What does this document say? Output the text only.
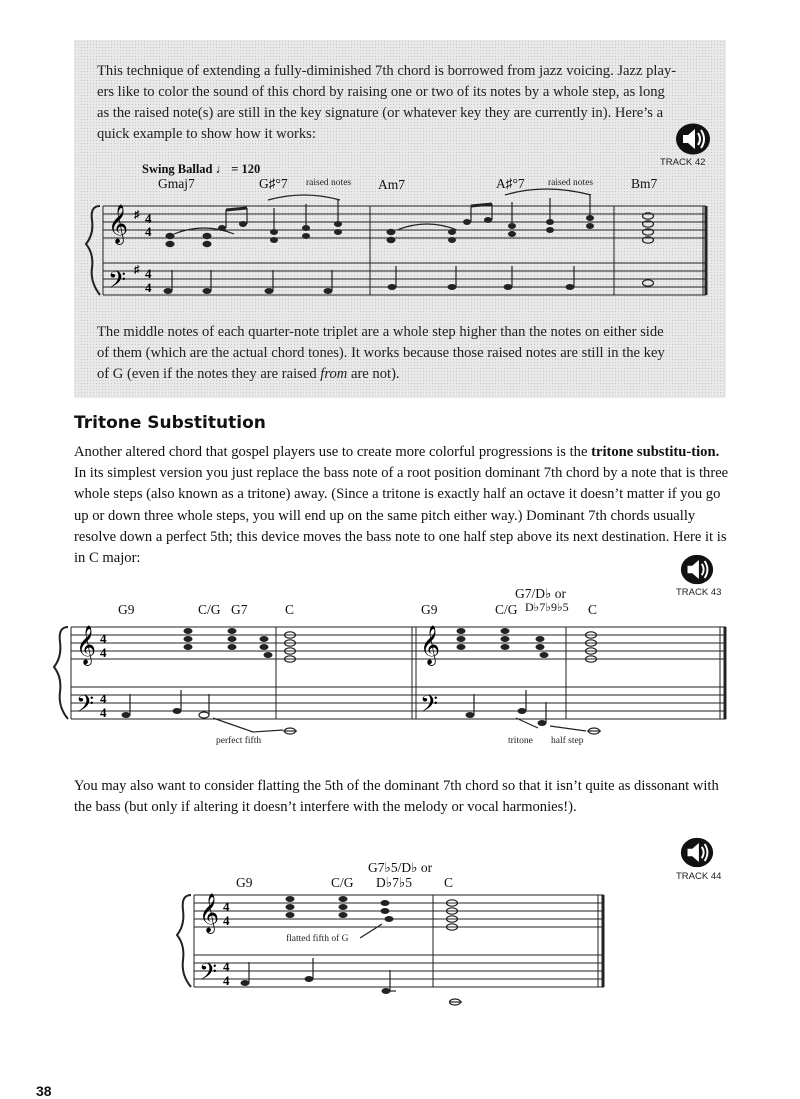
This technique of extending a fully-diminished 7th chord is borrowed from jazz voicing. Jazz play-
ers like to color the sound of this chord by raising one or two of its notes by a whole step, as long
as the raised note(s) are still in the key signature (or whatever key they are currently in). Here’s a
quick example to show how it works:
TRACK 42
Swing Ballad ♩ = 120
Gmaj7	G♯°7	Am7	A♯°7	Bm7
raised notes	raised notes
𝄞
𝄢
♯
♯
4
4
4
4
The middle notes of each quarter-note triplet are a whole step higher than the notes on either side
of them (which are the actual chord tones). It works because those raised notes are still in the key
of G (even if the notes they are raised from are not).
Tritone Substitution
Another altered chord that gospel players use to create more colorful progressions is the tritone substitu-tion. In its simplest version you just replace the bass note of a root position dominant 7th chord by a note that is three whole steps (also known as a tritone) away. (Since a tritone is exactly half an octave it doesn’t matter if you go up or down three whole steps, you will end up on the same pitch either way.) Dominant 7th chords usually resolve down a perfect 5th; this device moves the bass note to one half step above its next destination. Here it is in C major:
TRACK 43
G7/D♭ or
G9	C/G G7	C	G9	C/G D♭7♭9♭5 C
𝄞
𝄢
𝄞
𝄢
4
4
4
4
perfect fifth	tritone half step
You may also want to consider flatting the 5th of the dominant 7th chord so that it isn’t quite as dissonant with the bass (but only if altering it doesn’t interfere with the melody or vocal harmonies!).
TRACK 44
G7♭5/D♭ or
G9	C/G D♭7♭5 C
𝄞
𝄢
4
4
4
4
flatted fifth of G
38
